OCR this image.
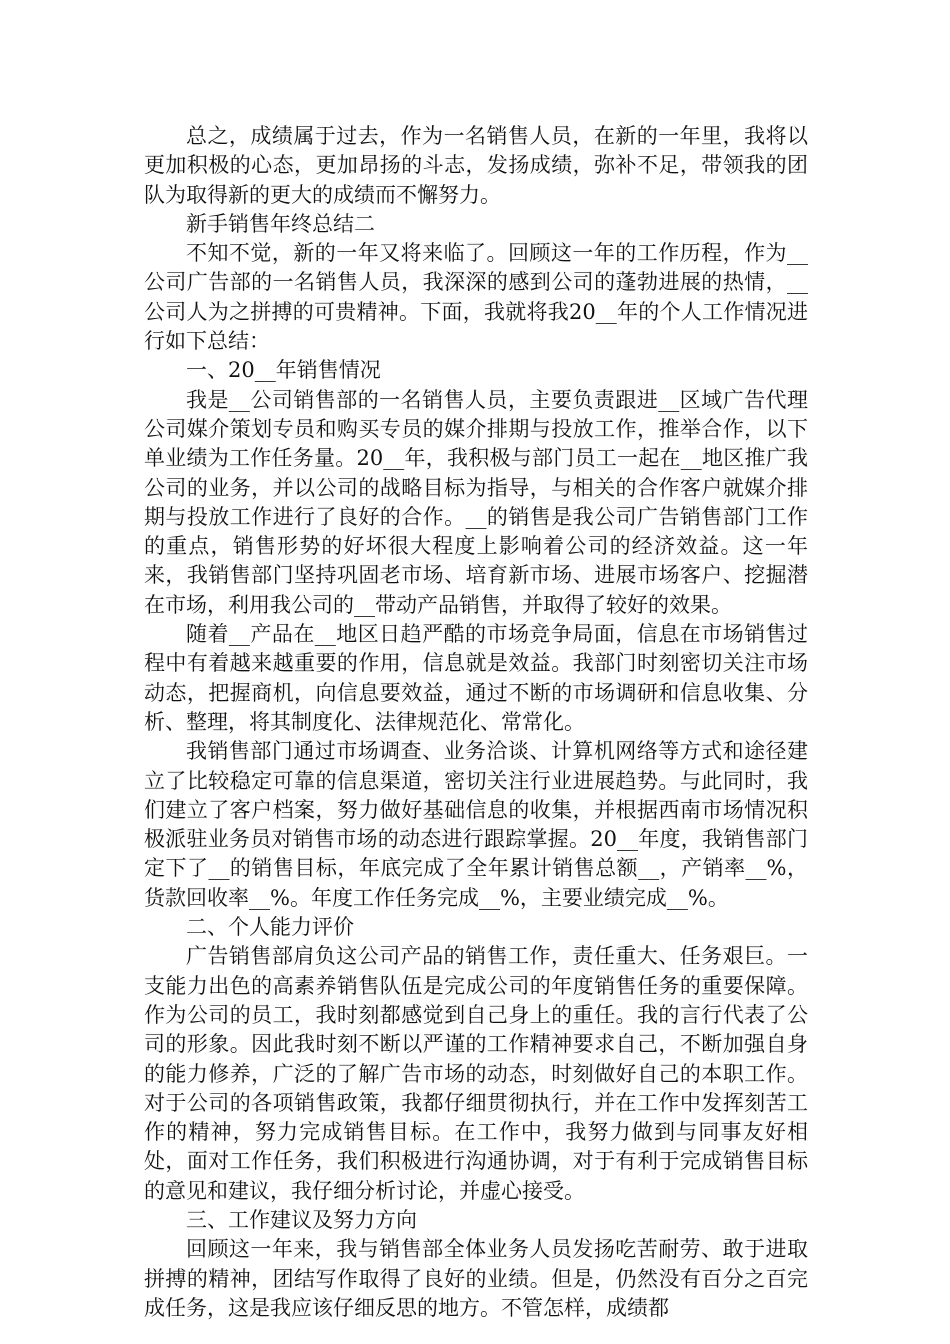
总之，成绩属于过去，作为一名销售人员，在新的一年里，我将以更加积极的心态，更加昂扬的斗志，发扬成绩，弥补不足，带领我的团队为取得新的更大的成绩而不懈努力。

新手销售年终总结二

不知不觉，新的一年又将来临了。回顾这一年的工作历程，作为__公司广告部的一名销售人员，我深深的感到公司的蓬勃进展的热情，__公司人为之拼搏的可贵精神。下面，我就将我20__年的个人工作情况进行如下总结：

一、20__年销售情况

我是__公司销售部的一名销售人员，主要负责跟进__区域广告代理公司媒介策划专员和购买专员的媒介排期与投放工作，推举合作，以下单业绩为工作任务量。20__年，我积极与部门员工一起在__地区推广我公司的业务，并以公司的战略目标为指导，与相关的合作客户就媒介排期与投放工作进行了良好的合作。__的销售是我公司广告销售部门工作的重点，销售形势的好坏很大程度上影响着公司的经济效益。这一年来，我销售部门坚持巩固老市场、培育新市场、进展市场客户、挖掘潜在市场，利用我公司的__带动产品销售，并取得了较好的效果。

随着__产品在__地区日趋严酷的市场竞争局面，信息在市场销售过程中有着越来越重要的作用，信息就是效益。我部门时刻密切关注市场动态，把握商机，向信息要效益，通过不断的市场调研和信息收集、分析、整理，将其制度化、法律规范化、常常化。

我销售部门通过市场调查、业务洽谈、计算机网络等方式和途径建立了比较稳定可靠的信息渠道，密切关注行业进展趋势。与此同时，我们建立了客户档案，努力做好基础信息的收集，并根据西南市场情况积极派驻业务员对销售市场的动态进行跟踪掌握。20__年度，我销售部门定下了__的销售目标，年底完成了全年累计销售总额__，产销率__%，货款回收率__%。年度工作任务完成__%，主要业绩完成__%。

二、个人能力评价

广告销售部肩负这公司产品的销售工作，责任重大、任务艰巨。一支能力出色的高素养销售队伍是完成公司的年度销售任务的重要保障。作为公司的员工，我时刻都感觉到自己身上的重任。我的言行代表了公司的形象。因此我时刻不断以严谨的工作精神要求自己，不断加强自身的能力修养，广泛的了解广告市场的动态，时刻做好自己的本职工作。对于公司的各项销售政策，我都仔细贯彻执行，并在工作中发挥刻苦工作的精神，努力完成销售目标。在工作中，我努力做到与同事友好相处，面对工作任务，我们积极进行沟通协调，对于有利于完成销售目标的意见和建议，我仔细分析讨论，并虚心接受。

三、工作建议及努力方向

回顾这一年来，我与销售部全体业务人员发扬吃苦耐劳、敢于进取拼搏的精神，团结写作取得了良好的业绩。但是，仍然没有百分之百完成任务，这是我应该仔细反思的地方。不管怎样，成绩都
